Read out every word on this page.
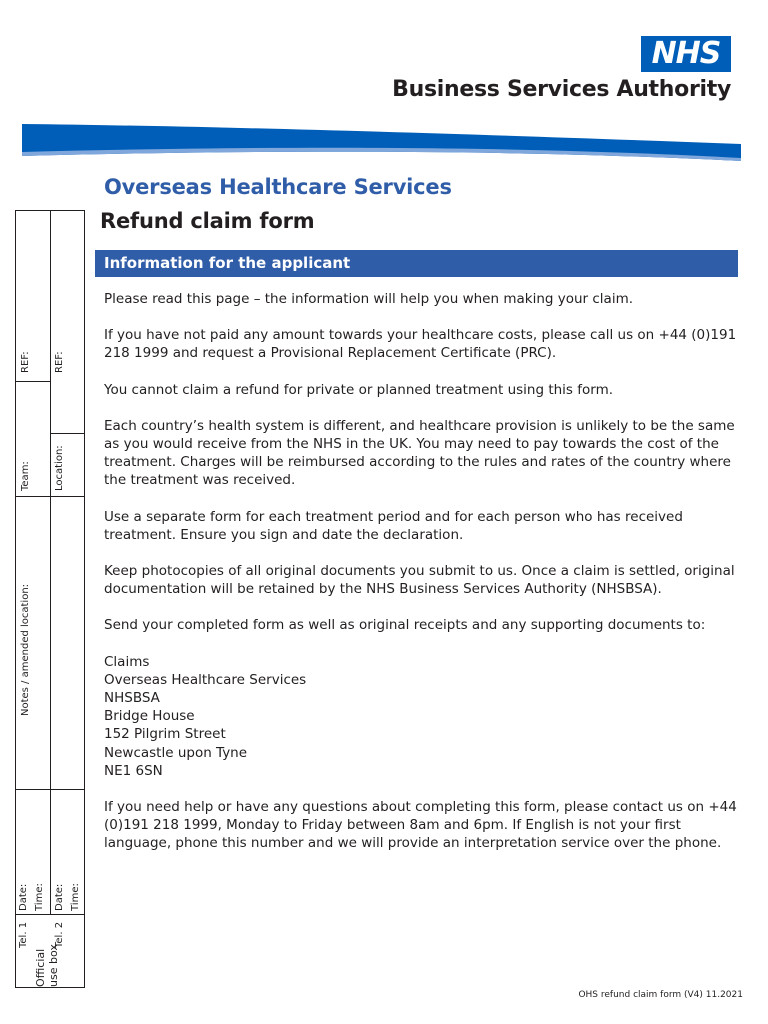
NHS
Business Services Authority
Overseas Healthcare Services
Refund claim form
Information for the applicant

Please read this page – the information will help you when making your claim.

If you have not paid any amount towards your healthcare costs, please call us on +44 (0)191 218 1999 and request a Provisional Replacement Certificate (PRC).

You cannot claim a refund for private or planned treatment using this form.

Each country’s health system is different, and healthcare provision is unlikely to be the same as you would receive from the NHS in the UK. You may need to pay towards the cost of the treatment. Charges will be reimbursed according to the rules and rates of the country where the treatment was received.

Use a separate form for each treatment period and for each person who has received treatment. Ensure you sign and date the declaration.

Keep photocopies of all original documents you submit to us. Once a claim is settled, original documentation will be retained by the NHS Business Services Authority (NHSBSA).

Send your completed form as well as original receipts and any supporting documents to:

Claims
Overseas Healthcare Services
NHSBSA
Bridge House
152 Pilgrim Street
Newcastle upon Tyne
NE1 6SN

If you need help or have any questions about completing this form, please contact us on +44 (0)191 218 1999, Monday to Friday between 8am and 6pm. If English is not your first language, phone this number and we will provide an interpretation service over the phone.

REF: REF:
Team: Location:
Notes / amended location:
Date: Time: Date: Time:
Tel. 1	Tel. 2
Official use box
OHS refund claim form (V4) 11.2021
